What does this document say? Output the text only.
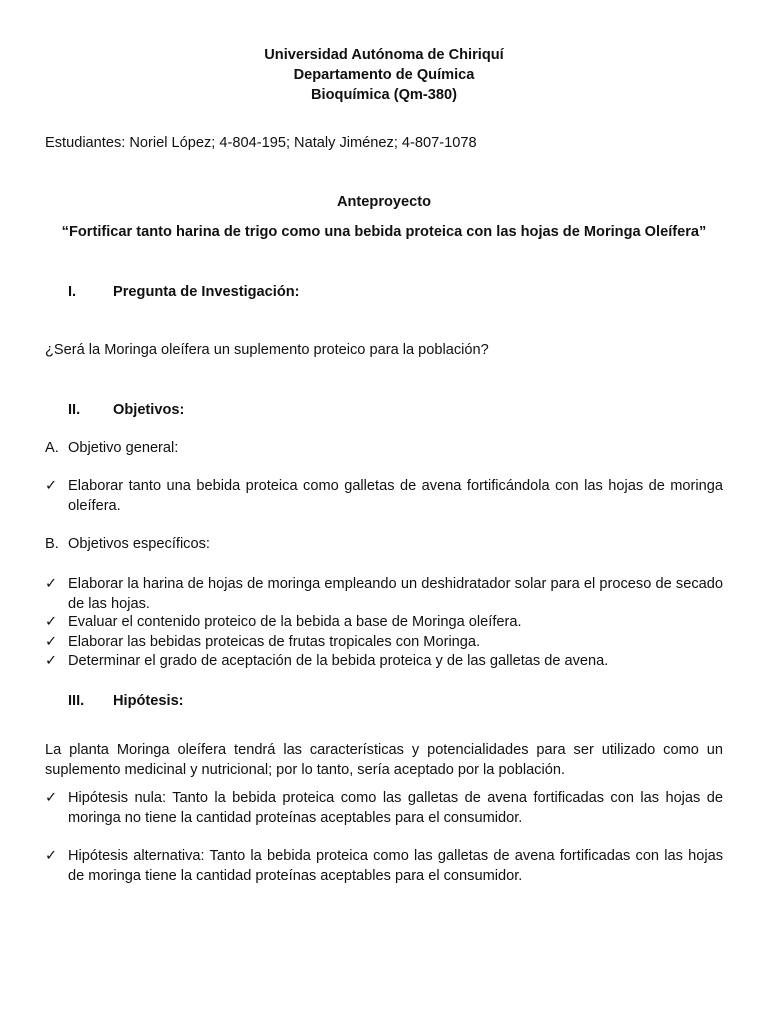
Universidad Autónoma de Chiriquí
Departamento de Química
Bioquímica (Qm-380)
Estudiantes: Noriel López; 4-804-195; Nataly Jiménez; 4-807-1078
Anteproyecto
“Fortificar tanto harina de trigo como una bebida proteica con las hojas de Moringa Oleífera”
I.	Pregunta de Investigación:
¿Será la Moringa oleífera un suplemento proteico para la población?
II. Objetivos:
A. Objetivo general:
✓ Elaborar tanto una bebida proteica como galletas de avena fortificándola con las hojas de moringa oleífera.
B. Objetivos específicos:
✓ Elaborar la harina de hojas de moringa empleando un deshidratador solar para el proceso de secado de las hojas.
✓ Evaluar el contenido proteico de la bebida a base de Moringa oleífera.
✓ Elaborar las bebidas proteicas de frutas tropicales con Moringa.
✓ Determinar el grado de aceptación de la bebida proteica y de las galletas de avena.
III. Hipótesis:
La planta Moringa oleífera tendrá las características y potencialidades para ser utilizado como un suplemento medicinal y nutricional; por lo tanto, sería aceptado por la población.
✓ Hipótesis nula: Tanto la bebida proteica como las galletas de avena fortificadas con las hojas de moringa no tiene la cantidad proteínas aceptables para el consumidor.
✓ Hipótesis alternativa: Tanto la bebida proteica como las galletas de avena fortificadas con las hojas de moringa tiene la cantidad proteínas aceptables para el consumidor.
